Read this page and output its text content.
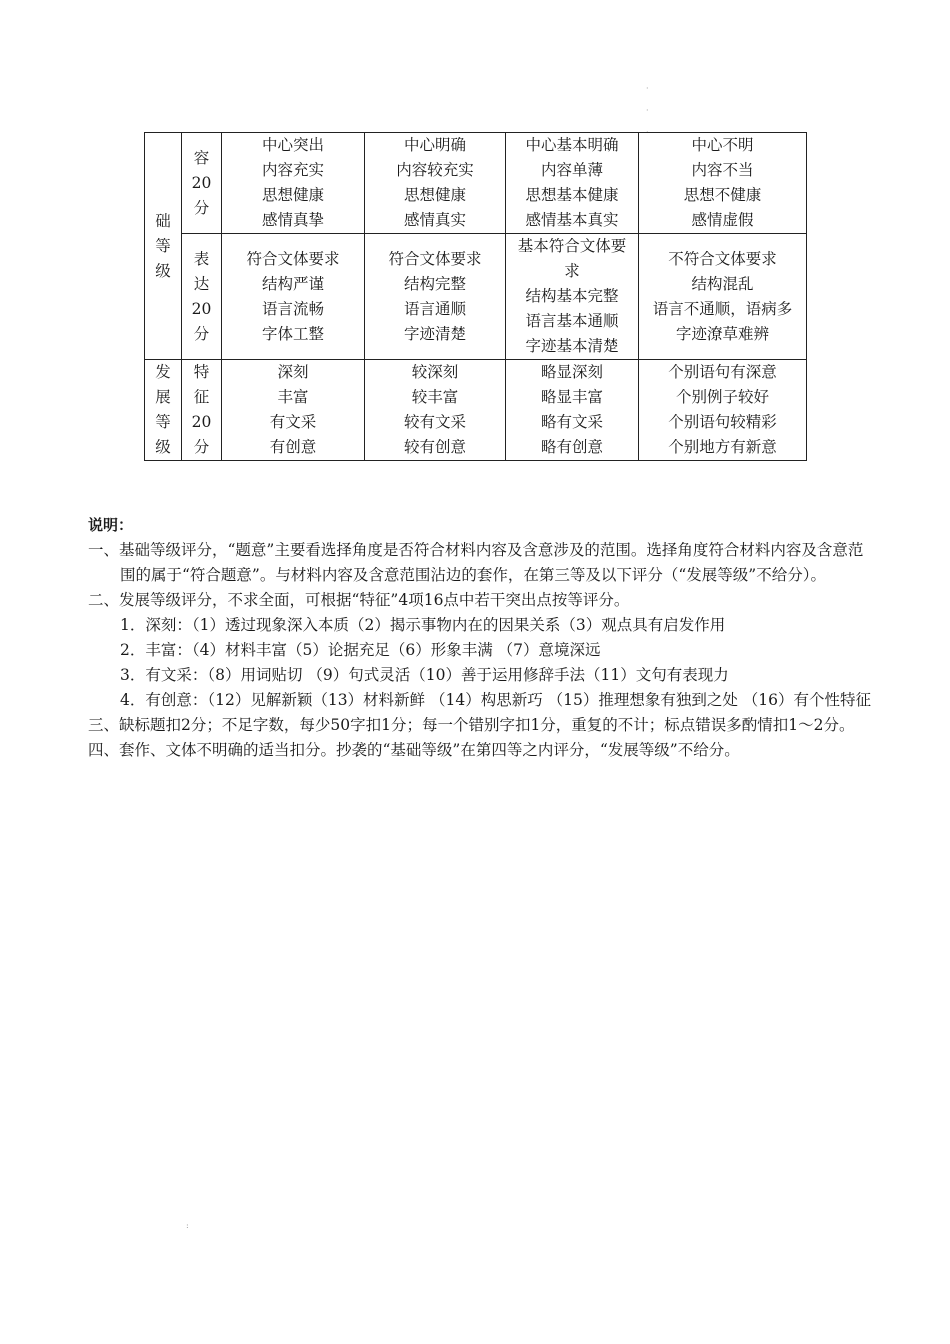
·
·
·
:
础
等
级	容
20
分	中心突出
内容充实
思想健康
感情真挚	中心明确
内容较充实
思想健康
感情真实	中心基本明确
内容单薄
思想基本健康
感情基本真实	中心不明
内容不当
思想不健康
感情虚假

	表
达
20
分	符合文体要求
结构严谨
语言流畅
字体工整	符合文体要求
结构完整
语言通顺
字迹清楚	基本符合文体要
求
结构基本完整
语言基本通顺
字迹基本清楚	不符合文体要求
结构混乱
语言不通顺，语病多
字迹潦草难辨

发
展
等
级	特
征
20
分	深刻
丰富
有文采
有创意	较深刻
较丰富
较有文采
较有创意	略显深刻
略显丰富
略有文采
略有创意	个别语句有深意
个别例子较好
个别语句较精彩
个别地方有新意

说明：

一、基础等级评分，“题意”主要看选择角度是否符合材料内容及含意涉及的范围。选择角度符合材料内容及含意范围的属于“符合题意”。与材料内容及含意范围沾边的套作，在第三等及以下评分（“发展等级”不给分）。

二、发展等级评分，不求全面，可根据“特征”4项16点中若干突出点按等评分。

1．深刻：（1）透过现象深入本质（2）揭示事物内在的因果关系（3）观点具有启发作用

2．丰富：（4）材料丰富（5）论据充足（6）形象丰满 （7）意境深远

3．有文采：（8）用词贴切 （9）句式灵活（10）善于运用修辞手法（11）文句有表现力

4．有创意：（12）见解新颖（13）材料新鲜 （14）构思新巧 （15）推理想象有独到之处 （16）有个性特征

三、缺标题扣2分；不足字数，每少50字扣1分；每一个错别字扣1分，重复的不计；标点错误多酌情扣1～2分。

四、套作、文体不明确的适当扣分。抄袭的“基础等级”在第四等之内评分，“发展等级”不给分。
